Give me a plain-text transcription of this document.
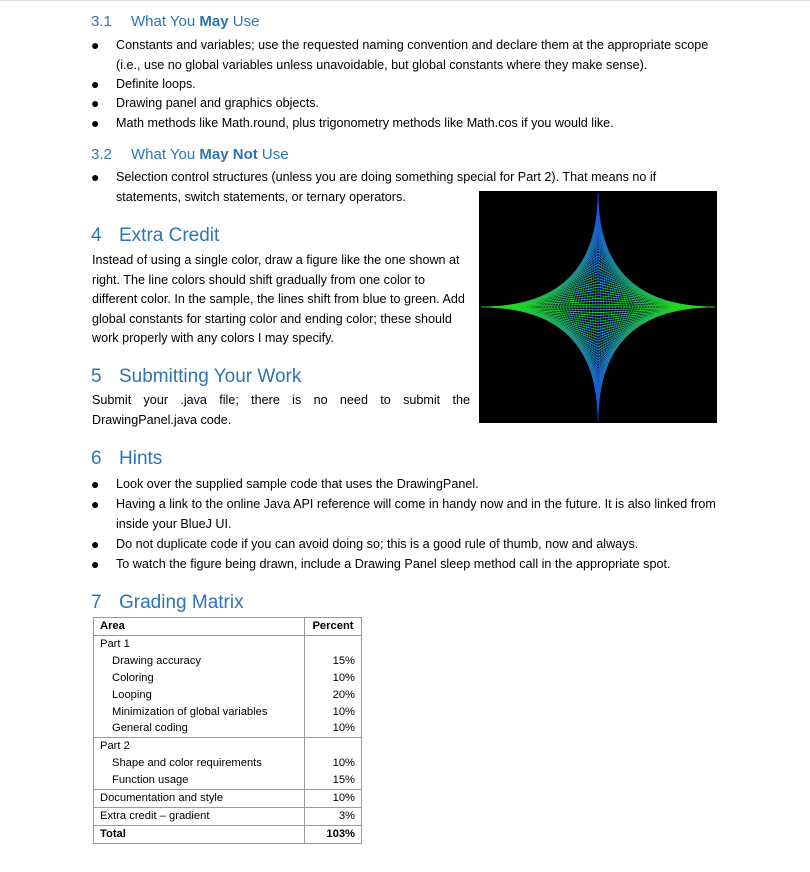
3.1 What You May Use
● Constants and variables; use the requested naming convention and declare them at the appropriate scope (i.e., use no global variables unless unavoidable, but global constants where they make sense).
● Definite loops.
● Drawing panel and graphics objects.
● Math methods like Math.round, plus trigonometry methods like Math.cos if you would like.
3.2 What You May Not Use
● Selection control structures (unless you are doing something special for Part 2). That means no if statements, switch statements, or ternary operators.
4 Extra Credit
Instead of using a single color, draw a figure like the one shown at right. The line colors should shift gradually from one color to different color. In the sample, the lines shift from blue to green. Add global constants for starting color and ending color; these should work properly with any colors I may specify.
5 Submitting Your Work
Submit your .java file; there is no need to submit the
DrawingPanel.java code.
6 Hints
● Look over the supplied sample code that uses the DrawingPanel.
● Having a link to the online Java API reference will come in handy now and in the future. It is also linked from inside your BlueJ UI.
● Do not duplicate code if you can avoid doing so; this is a good rule of thumb, now and always.
● To watch the figure being drawn, include a Drawing Panel sleep method call in the appropriate spot.
7 Grading Matrix
Area	Percent
Part 1	
Drawing accuracy	15%
Coloring	10%
Looping	20%
Minimization of global variables	10%
General coding	10%
Part 2	
Shape and color requirements	10%
Function usage	15%
Documentation and style	10%
Extra credit – gradient	3%
Total	103%
